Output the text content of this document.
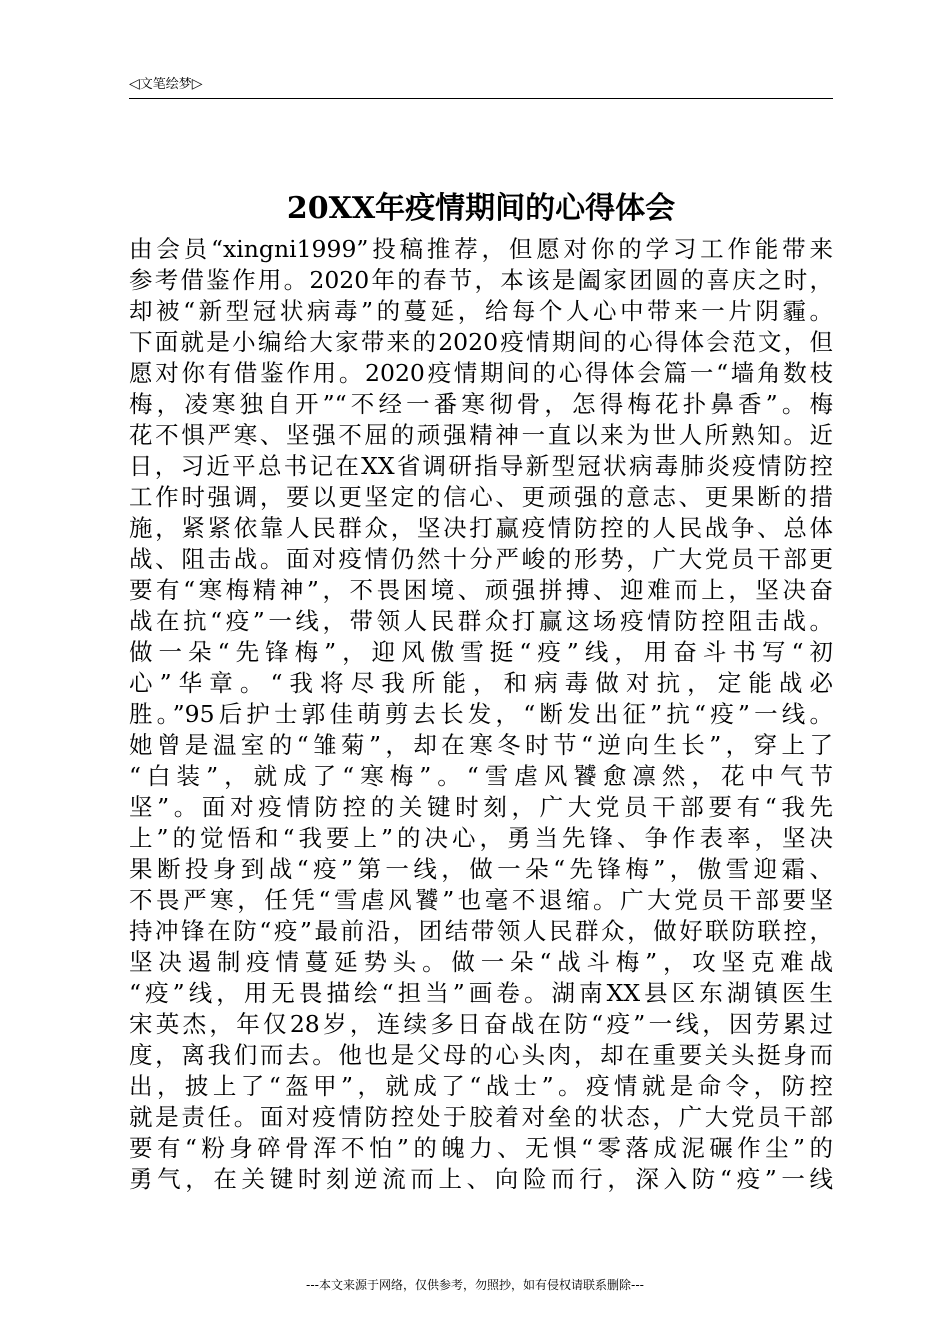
◁文笔绘梦▷
20XX年疫情期间的心得体会
由会员“xingni1999”投稿推荐，但愿对你的学习工作能带来
参考借鉴作用。2020年的春节，本该是阖家团圆的喜庆之时，
却被“新型冠状病毒”的蔓延，给每个人心中带来一片阴霾。
下面就是小编给大家带来的2020疫情期间的心得体会范文，但
愿对你有借鉴作用。2020疫情期间的心得体会篇一“墙角数枝
梅，凌寒独自开”“不经一番寒彻骨，怎得梅花扑鼻香”。梅
花不惧严寒、坚强不屈的顽强精神一直以来为世人所熟知。近
日，习近平总书记在XX省调研指导新型冠状病毒肺炎疫情防控
工作时强调，要以更坚定的信心、更顽强的意志、更果断的措
施，紧紧依靠人民群众，坚决打赢疫情防控的人民战争、总体
战、阻击战。面对疫情仍然十分严峻的形势，广大党员干部更
要有“寒梅精神”，不畏困境、顽强拼搏、迎难而上，坚决奋
战在抗“疫”一线，带领人民群众打赢这场疫情防控阻击战。
做一朵“先锋梅”，迎风傲雪挺“疫”线，用奋斗书写“初
心”华章。“我将尽我所能，和病毒做对抗，定能战必
胜。”95后护士郭佳萌剪去长发，“断发出征”抗“疫”一线。
她曾是温室的“雏菊”，却在寒冬时节“逆向生长”，穿上了
“白装”，就成了“寒梅”。“雪虐风饕愈凛然，花中气节
坚”。面对疫情防控的关键时刻，广大党员干部要有“我先
上”的觉悟和“我要上”的决心，勇当先锋、争作表率，坚决
果断投身到战“疫”第一线，做一朵“先锋梅”，傲雪迎霜、
不畏严寒，任凭“雪虐风饕”也毫不退缩。广大党员干部要坚
持冲锋在防“疫”最前沿，团结带领人民群众，做好联防联控，
坚决遏制疫情蔓延势头。做一朵“战斗梅”，攻坚克难战
“疫”线，用无畏描绘“担当”画卷。湖南XX县区东湖镇医生
宋英杰，年仅28岁，连续多日奋战在防“疫”一线，因劳累过
度，离我们而去。他也是父母的心头肉，却在重要关头挺身而
出，披上了“盔甲”，就成了“战士”。疫情就是命令，防控
就是责任。面对疫情防控处于胶着对垒的状态，广大党员干部
要有“粉身碎骨浑不怕”的魄力、无惧“零落成泥碾作尘”的
勇气，在关键时刻逆流而上、向险而行，深入防“疫”一线
---本文来源于网络，仅供参考，勿照抄，如有侵权请联系删除---
